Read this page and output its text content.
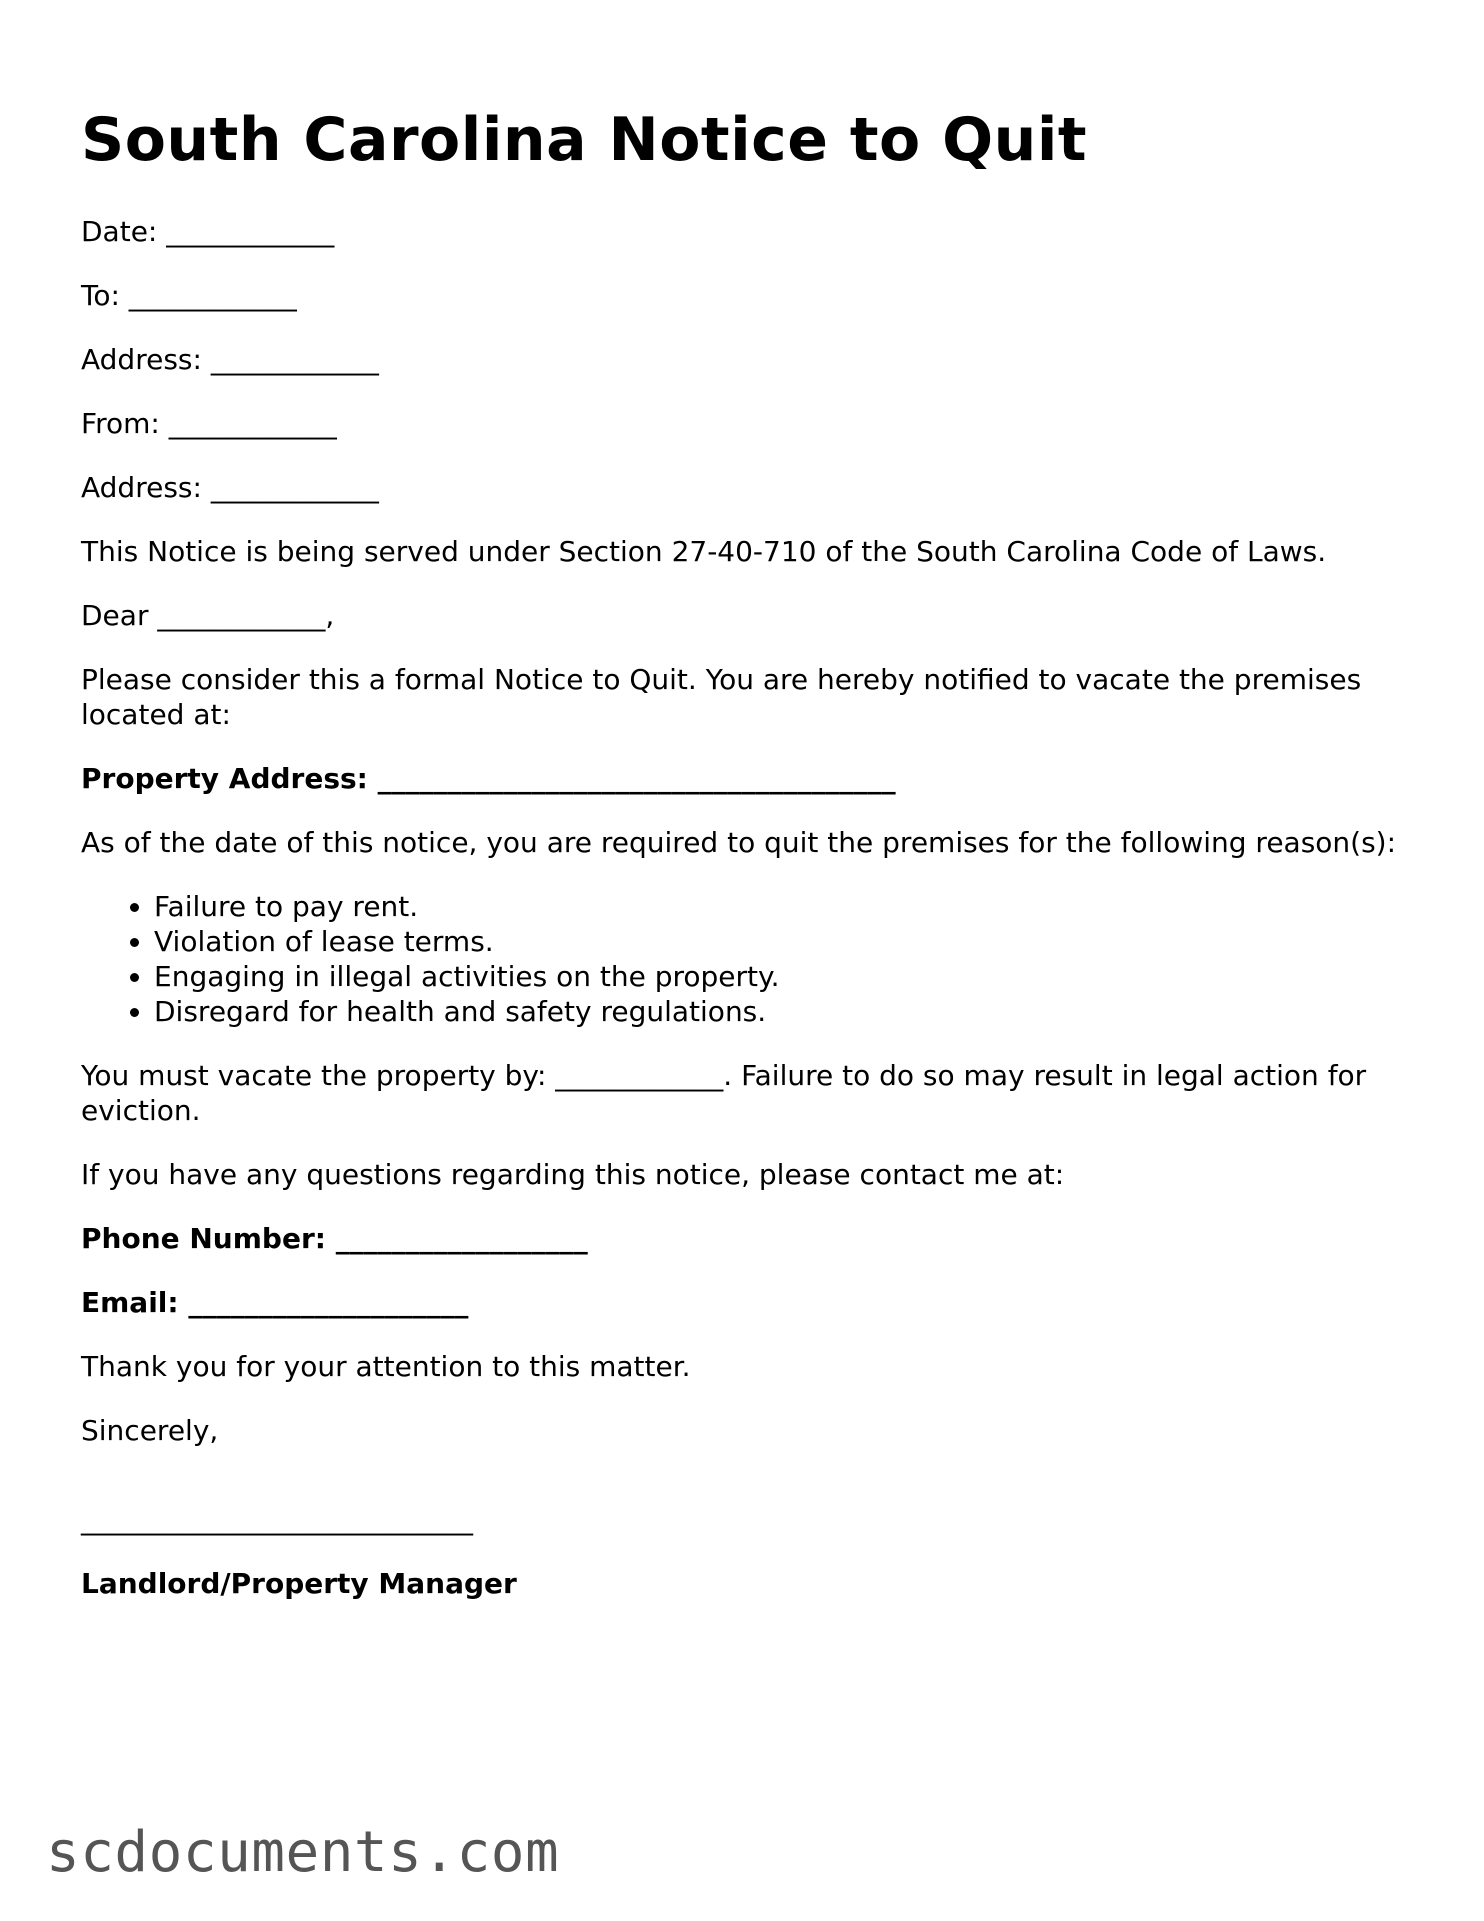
South Carolina Notice to Quit

Date: ____________

To: ____________

Address: ____________

From: ____________

Address: ____________

This Notice is being served under Section 27-40-710 of the South Carolina Code of Laws.

Dear ____________,

Please consider this a formal Notice to Quit. You are hereby notified to vacate the premises located at:

Property Address: _____________________________________

As of the date of this notice, you are required to quit the premises for the following reason(s):

• Failure to pay rent.
• Violation of lease terms.
• Engaging in illegal activities on the property.
• Disregard for health and safety regulations.

You must vacate the property by: ____________. Failure to do so may result in legal action for eviction.

If you have any questions regarding this notice, please contact me at:

Phone Number: __________________

Email: ____________________

Thank you for your attention to this matter.

Sincerely,

____________________________

Landlord/Property Manager

scdocuments.com
